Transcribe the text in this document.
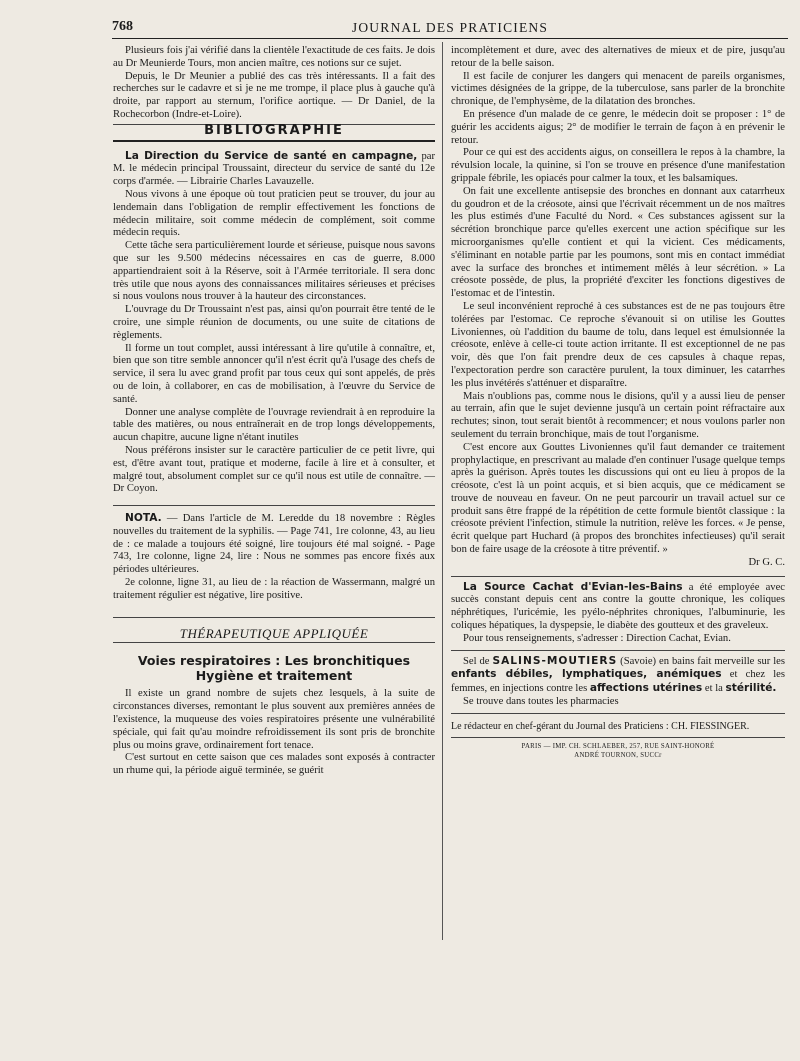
768	JOURNAL DES PRATICIENS

Plusieurs fois j'ai vérifié dans la clientèle l'exactitude de ces faits. Je dois au Dr Meunierde Tours, mon ancien maître, ces notions sur ce sujet.

Depuis, le Dr Meunier a publié des cas très intéressants. Il a fait des recherches sur le cadavre et si je ne me trompe, il place plus à gauche qu'à droite, par rapport au sternum, l'orifice aortique. — Dr Daniel, de la Rochecorbon (Indre-et-Loire).

BIBLIOGRAPHIE

La Direction du Service de santé en campagne, par M. le médecin principal Troussaint, directeur du service de santé du 12e corps d'armée. — Librairie Charles Lavauzelle.

Nous vivons à une époque où tout praticien peut se trouver, du jour au lendemain dans l'obligation de remplir effectivement les fonctions de médecin militaire, soit comme médecin de complément, soit comme médecin requis.

Cette tâche sera particulièrement lourde et sérieuse, puisque nous savons que sur les 9.500 médecins nécessaires en cas de guerre, 8.000 appartiendraient soit à la Réserve, soit à l'Armée territoriale. Il sera donc très utile que nous ayons des connaissances militaires sérieuses et précises si nous voulons nous trouver à la hauteur des circonstances.

L'ouvrage du Dr Troussaint n'est pas, ainsi qu'on pourrait être tenté de le croire, une simple réunion de documents, ou une suite de citations de règlements.

Il forme un tout complet, aussi intéressant à lire qu'utile à connaître, et, bien que son titre semble annoncer qu'il n'est écrit qu'à l'usage des chefs de service, il sera lu avec grand profit par tous ceux qui sont appelés, de près ou de loin, à collaborer, en cas de mobilisation, à l'œuvre du Service de santé.

Donner une analyse complète de l'ouvrage reviendrait à en reproduire la table des matières, ou nous entraînerait en de trop longs développements, aucun chapitre, aucune ligne n'étant inutiles

Nous préférons insister sur le caractère particulier de ce petit livre, qui est, d'être avant tout, pratique et moderne, facile à lire et à consulter, et malgré tout, absolument complet sur ce qu'il nous est utile de connaître. — Dr Coyon.

NOTA. — Dans l'article de M. Leredde du 18 novembre : Règles nouvelles du traitement de la syphilis. — Page 741, 1re colonne, 43, au lieu de : ce malade a toujours été soigné, lire toujours été mal soigné. - Page 743, 1re colonne, ligne 24, lire : Nous ne sommes pas encore fixés aux périodes ultérieures.

2e colonne, ligne 31, au lieu de : la réaction de Wassermann, malgré un traitement régulier est négative, lire positive.

THÉRAPEUTIQUE APPLIQUÉE
Voies respiratoires : Les bronchitiques
Hygiène et traitement

Il existe un grand nombre de sujets chez lesquels, à la suite de circonstances diverses, remontant le plus souvent aux premières années de l'existence, la muqueuse des voies respiratoires présente une vulnérabilité spéciale, qui fait qu'au moindre refroidissement ils sont pris de bronchite plus ou moins grave, ordinairement fort tenace.

C'est surtout en cette saison que ces malades sont exposés à contracter un rhume qui, la période aiguë terminée, se guérit

incomplètement et dure, avec des alternatives de mieux et de pire, jusqu'au retour de la belle saison.

Il est facile de conjurer les dangers qui menacent de pareils organismes, victimes désignées de la grippe, de la tuberculose, sans parler de la bronchite chronique, de l'emphysème, de la dilatation des bronches.

En présence d'un malade de ce genre, le médecin doit se proposer : 1° de guérir les accidents aigus; 2° de modifier le terrain de façon à en prévenir le retour.

Pour ce qui est des accidents aigus, on conseillera le repos à la chambre, la révulsion locale, la quinine, si l'on se trouve en présence d'une manifestation grippale fébrile, les opiacés pour calmer la toux, et les balsamiques.

On fait une excellente antisepsie des bronches en donnant aux catarrheux du goudron et de la créosote, ainsi que l'écrivait récemment un de nos maîtres les plus estimés d'une Faculté du Nord. « Ces substances agissent sur la sécrétion bronchique parce qu'elles exercent une action spécifique sur les microorganismes qu'elle contient et qui la vicient. Ces médicaments, s'éliminant en notable partie par les poumons, sont mis en contact immédiat avec la surface des bronches et intimement mêlés à leur sécrétion. » La créosote possède, de plus, la propriété d'exciter les fonctions digestives de l'estomac et de l'intestin.

Le seul inconvénient reproché à ces substances est de ne pas toujours être tolérées par l'estomac. Ce reproche s'évanouit si on utilise les Gouttes Livoniennes, où l'addition du baume de tolu, dans lequel est émulsionnée la créosote, enlève à celle-ci toute action irritante. Il est exceptionnel de ne pas voir, dès que l'on fait prendre deux de ces capsules à chaque repas, l'expectoration perdre son caractère purulent, la toux diminuer, les catarrhes les plus invétérés s'atténuer et disparaître.

Mais n'oublions pas, comme nous le disions, qu'il y a aussi lieu de penser au terrain, afin que le sujet devienne jusqu'à un certain point réfractaire aux rechutes; sinon, tout serait bientôt à recommencer; et nous voulons parler non seulement du terrain bronchique, mais de tout l'organisme.

C'est encore aux Gouttes Livoniennes qu'il faut demander ce traitement prophylactique, en prescrivant au malade d'en continuer l'usage quelque temps après la guérison. Après toutes les discussions qui ont eu lieu à propos de la créosote, c'est là un point acquis, et si bien acquis, que ce médicament se trouve de nouveau en faveur. On ne peut parcourir un travail actuel sur ce produit sans être frappé de la répétition de cette formule bientôt classique : la créosote prévient l'infection, stimule la nutrition, relève les forces. « Je pense, écrit quelque part Huchard (à propos des bronchites infectieuses) qu'il serait bon de faire usage de la créosote à titre préventif. »

Dr G. C.

La Source Cachat d'Evian-les-Bains a été employée avec succès constant depuis cent ans contre la goutte chronique, les coliques néphrétiques, l'uricémie, les pyélo-néphrites chroniques, l'albuminurie, les coliques hépatiques, la dyspepsie, le diabète des goutteux et des graveleux.

Pour tous renseignements, s'adresser : Direction Cachat, Evian.

Sel de SALINS-MOUTIERS (Savoie) en bains fait merveille sur les enfants débiles, lymphatiques, anémiques et chez les femmes, en injections contre les affections utérines et la stérilité.

Se trouve dans toutes les pharmacies

Le rédacteur en chef-gérant du Journal des Praticiens : CH. FIESSINGER.
PARIS — IMP. CH. SCHLAEBER, 257, RUE SAINT-HONORÉ
ANDRÉ TOURNON, SUCCr
